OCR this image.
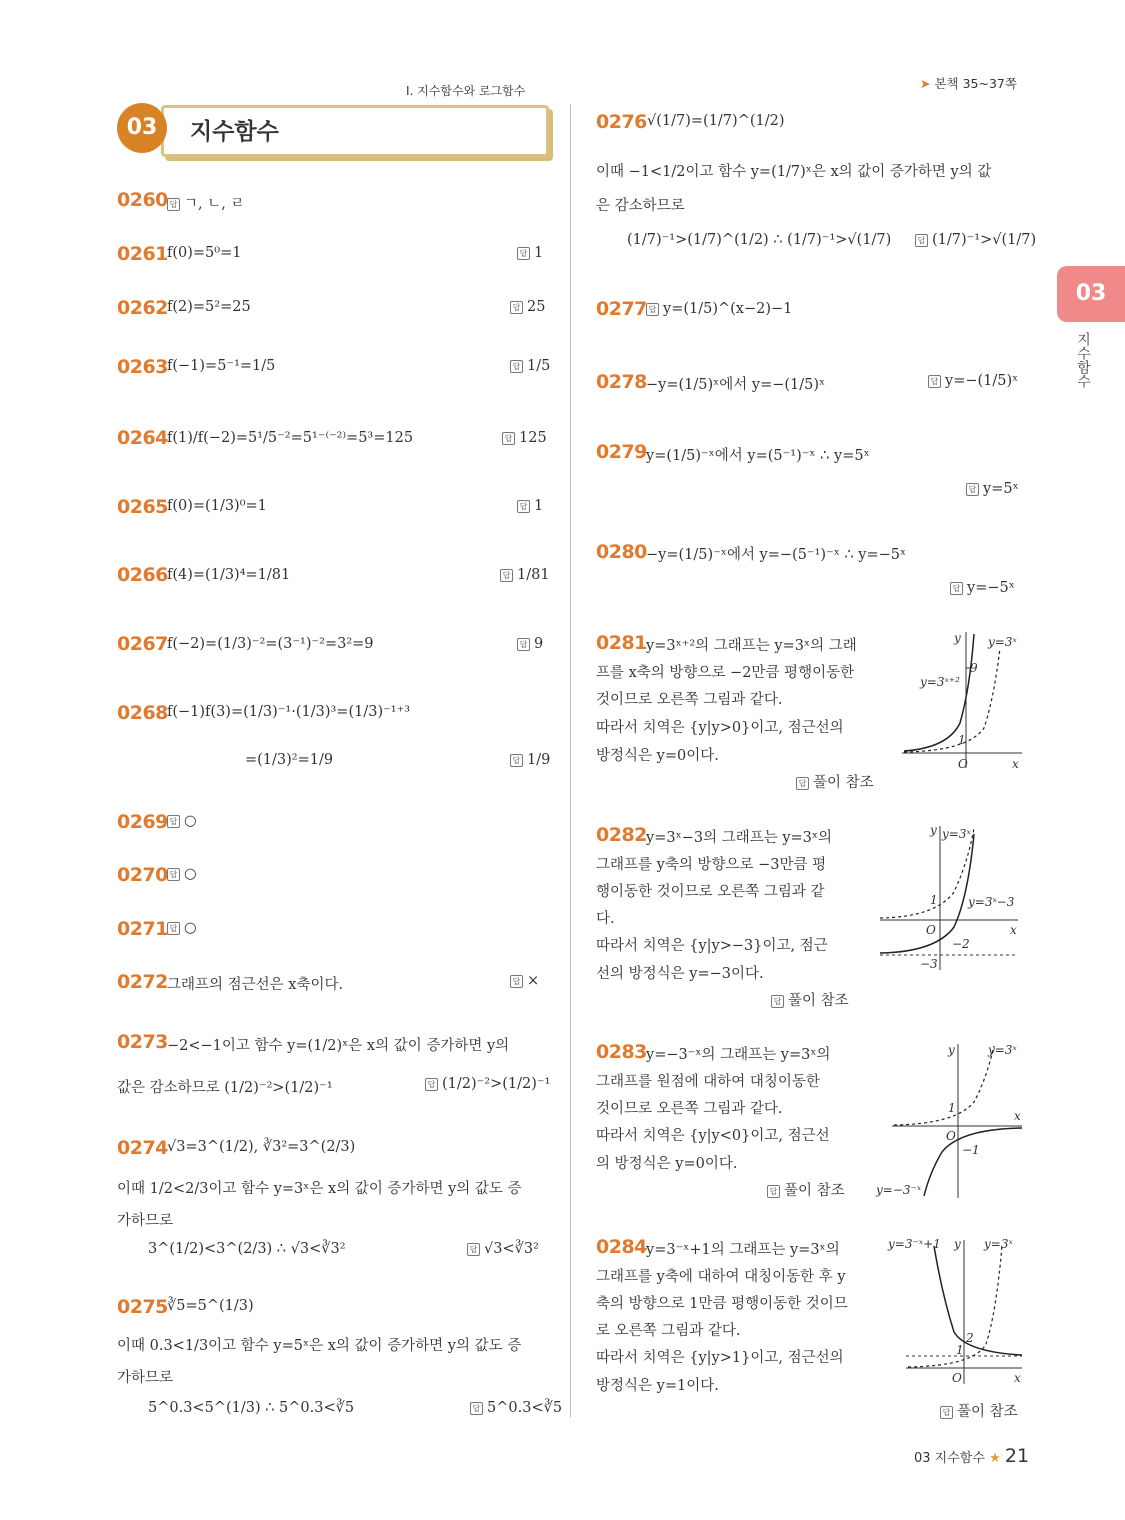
Ⅰ. 지수함수와 로그함수	➤ 본책 35~37쪽
03	지수함수
03
지수함수
0260 답 ㄱ, ㄴ, ㄹ
0261 f(0)=5⁰=1	답 1
0262 f(2)=5²=25	답 25
0263 f(−1)=5⁻¹=1/5	답 1/5
0264 f(1)/f(−2)=5¹/5⁻²=5¹⁻⁽⁻²⁾=5³=125	답 125
0265 f(0)=(1/3)⁰=1	답 1
0266 f(4)=(1/3)⁴=1/81	답 1/81
0267 f(−2)=(1/3)⁻²=(3⁻¹)⁻²=3²=9	답 9
0268 f(−1)f(3)=(1/3)⁻¹·(1/3)³=(1/3)⁻¹⁺³
=(1/3)²=1/9	답 1/9
0269 답 ○
0270 답 ○
0271 답 ○
0272 그래프의 점근선은 x축이다.	답 ×
0273 −2<−1이고 함수 y=(1/2)ˣ은 x의 값이 증가하면 y의
값은 감소하므로 (1/2)⁻²>(1/2)⁻¹	답 (1/2)⁻²>(1/2)⁻¹
0274 √3=3^(1/2), ∛3²=3^(2/3)
이때 1/2<2/3이고 함수 y=3ˣ은 x의 값이 증가하면 y의 값도 증
가하므로
3^(1/2)<3^(2/3) ∴ √3<∛3²	답 √3<∛3²
0275 ∛5=5^(1/3)
이때 0.3<1/3이고 함수 y=5ˣ은 x의 값이 증가하면 y의 값도 증
가하므로
5^0.3<5^(1/3) ∴ 5^0.3<∛5	답 5^0.3<∛5
0276 √(1/7)=(1/7)^(1/2)
이때 −1<1/2이고 함수 y=(1/7)ˣ은 x의 값이 증가하면 y의 값
은 감소하므로
(1/7)⁻¹>(1/7)^(1/2) ∴ (1/7)⁻¹>√(1/7)	답 (1/7)⁻¹>√(1/7)
0277 답 y=(1/5)^(x−2)−1
0278 −y=(1/5)ˣ에서 y=−(1/5)ˣ	답 y=−(1/5)ˣ
0279 y=(1/5)⁻ˣ에서 y=(5⁻¹)⁻ˣ ∴ y=5ˣ
답 y=5ˣ
0280 −y=(1/5)⁻ˣ에서 y=−(5⁻¹)⁻ˣ ∴ y=−5ˣ
답 y=−5ˣ
0281 y=3ˣ⁺²의 그래프는 y=3ˣ의 그래
프를 x축의 방향으로 −2만큼 평행이동한
것이므로 오른쪽 그림과 같다.
따라서 치역은 {y|y>0}이고, 점근선의
방정식은 y=0이다.
답 풀이 참조
y y=3ˣ
y=3ˣ⁺²
9
1
O	x
0282 y=3ˣ−3의 그래프는 y=3ˣ의
그래프를 y축의 방향으로 −3만큼 평
행이동한 것이므로 오른쪽 그림과 같
다.
따라서 치역은 {y|y>−3}이고, 점근
선의 방정식은 y=−3이다.
답 풀이 참조
y y=3ˣ
y=3ˣ−3
1
O
−2
−3
x
0283 y=−3⁻ˣ의 그래프는 y=3ˣ의
그래프를 원점에 대하여 대칭이동한
것이므로 오른쪽 그림과 같다.
따라서 치역은 {y|y<0}이고, 점근선
의 방정식은 y=0이다.
답 풀이 참조
y	y=3ˣ
y=−3⁻ˣ
1
O
−1
x
0284 y=3⁻ˣ+1의 그래프는 y=3ˣ의
그래프를 y축에 대하여 대칭이동한 후 y
축의 방향으로 1만큼 평행이동한 것이므
로 오른쪽 그림과 같다.
따라서 치역은 {y|y>1}이고, 점근선의
방정식은 y=1이다.
답 풀이 참조
y=3⁻ˣ+1 y y=3ˣ
2
1
O	x
03 지수함수 ★ 21
